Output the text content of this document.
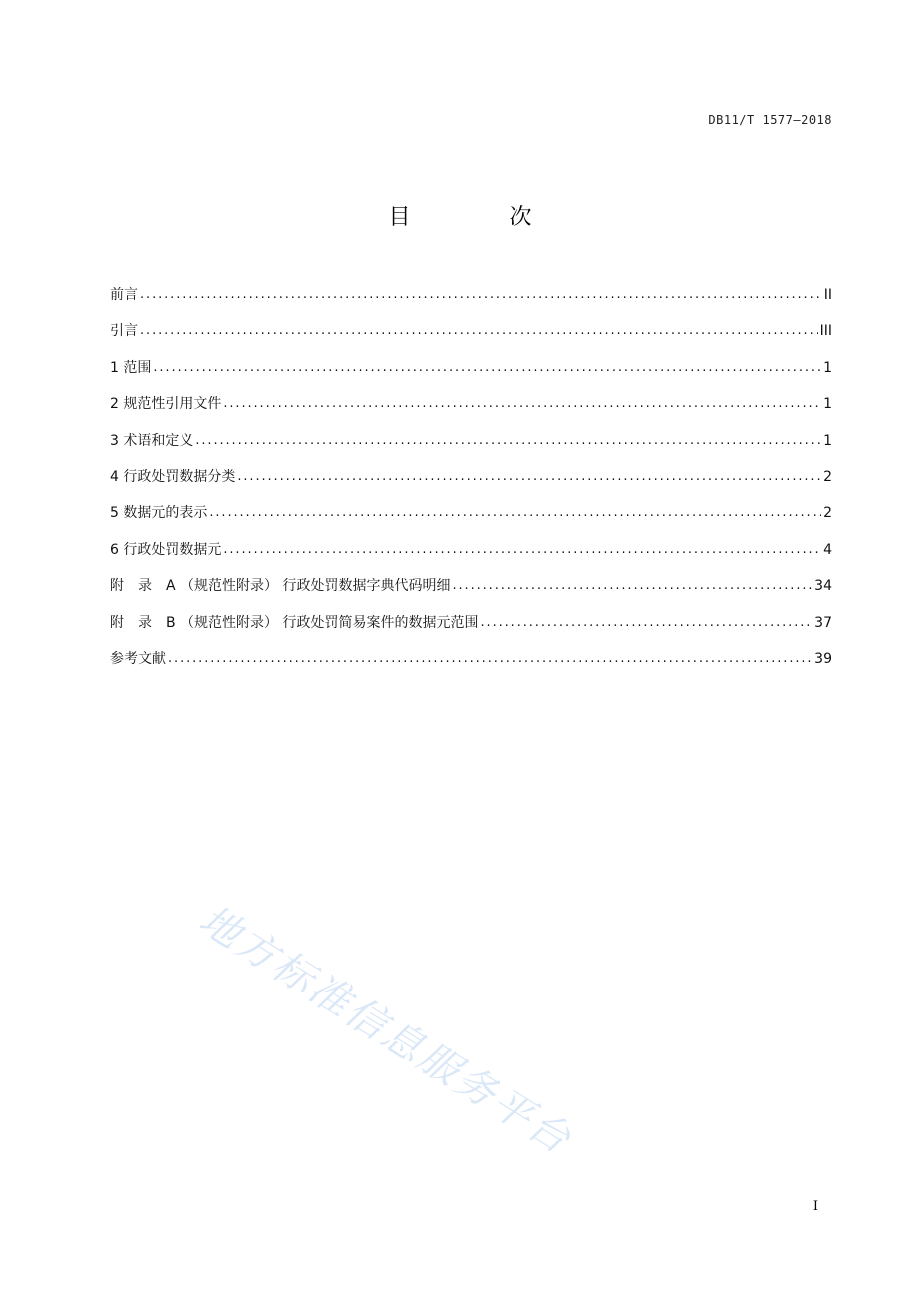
DB11/T 1577—2018
目 次
前言 .....	II
引言 .....	III
1 范围 .....	1
2 规范性引用文件 .....	1
3 术语和定义 .....	1
4 行政处罚数据分类 .....	2
5 数据元的表示 .....	2
6 行政处罚数据元 .....	4
附　录　A （规范性附录） 行政处罚数据字典代码明细 .....	34
附　录　B （规范性附录） 行政处罚简易案件的数据元范围 .....	37
参考文献 .....	39
地方标准信息服务平台
I
